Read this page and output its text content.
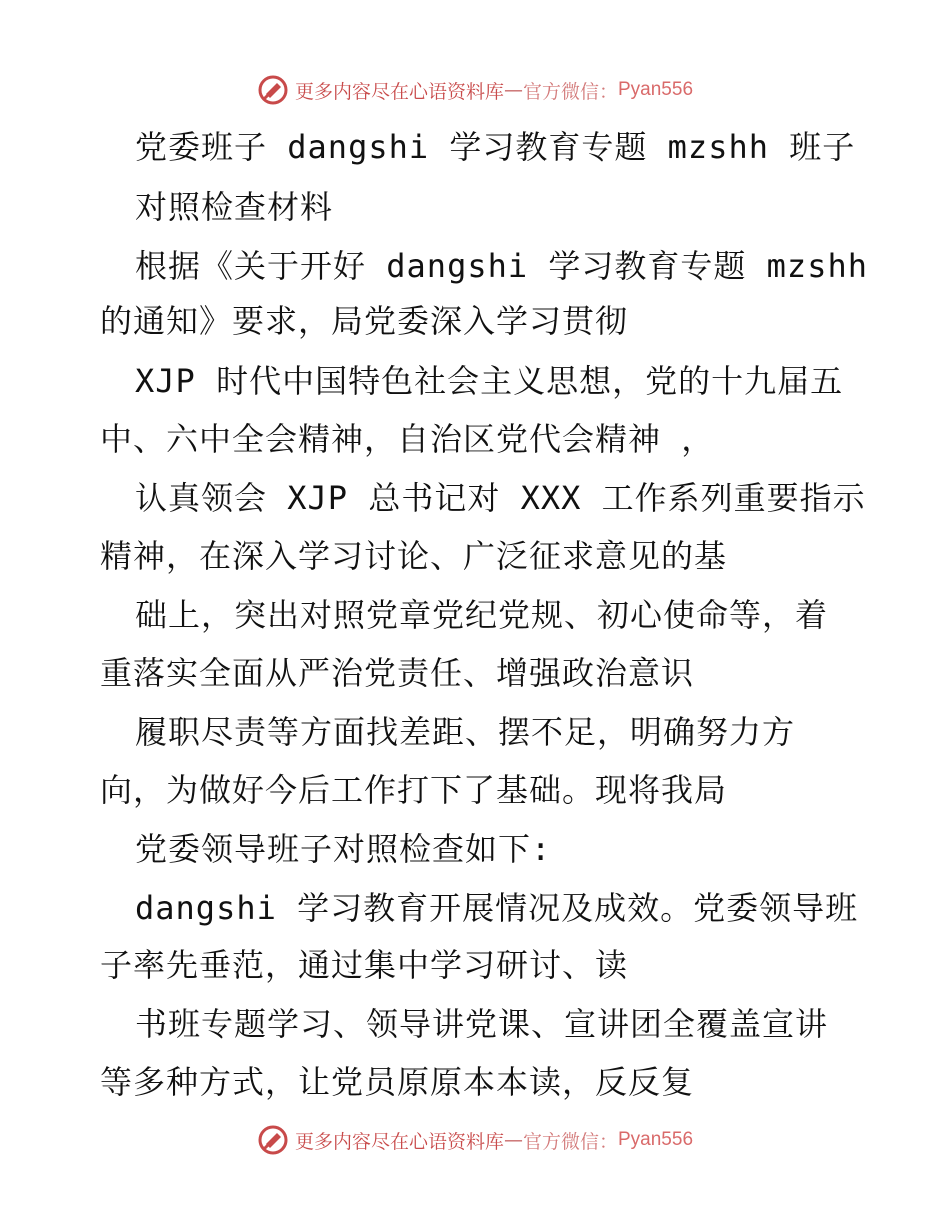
更多内容尽在心语资料库 — 官方微信： Pyan556
党委班子 dangshi 学习教育专题 mzshh 班子
对照检查材料
根据《关于开好 dangshi 学习教育专题 mzshh
的通知》要求，局党委深入学习贯彻
XJP 时代中国特色社会主义思想，党的十九届五
中、六中全会精神，自治区党代会精神 ，
认真领会 XJP 总书记对 XXX 工作系列重要指示
精神，在深入学习讨论、广泛征求意见的基
础上，突出对照党章党纪党规、初心使命等，着
重落实全面从严治党责任、增强政治意识
履职尽责等方面找差距、摆不足，明确努力方
向，为做好今后工作打下了基础。现将我局
党委领导班子对照检查如下:
dangshi 学习教育开展情况及成效。党委领导班
子率先垂范，通过集中学习研讨、读
书班专题学习、领导讲党课、宣讲团全覆盖宣讲
等多种方式，让党员原原本本读，反反复
更多内容尽在心语资料库 — 官方微信： Pyan556
